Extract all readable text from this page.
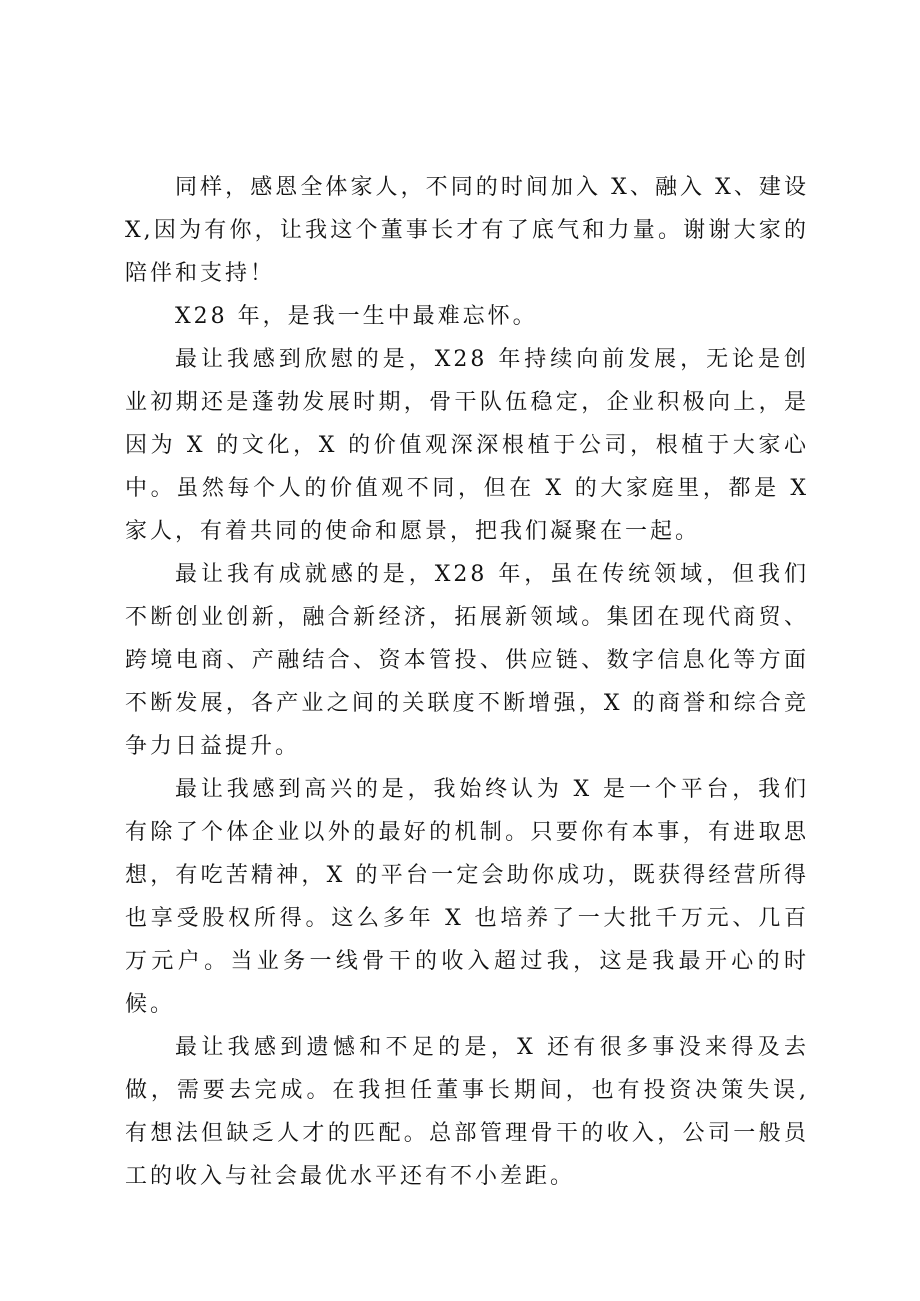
同样，感恩全体家人，不同的时间加入 X、融入 X、建设 X,因为有你，让我这个董事长才有了底气和力量。谢谢大家的陪伴和支持！

X28 年，是我一生中最难忘怀。

最让我感到欣慰的是，X28 年持续向前发展，无论是创业初期还是蓬勃发展时期，骨干队伍稳定，企业积极向上，是因为 X 的文化，X 的价值观深深根植于公司，根植于大家心中。虽然每个人的价值观不同，但在 X 的大家庭里，都是 X 家人，有着共同的使命和愿景，把我们凝聚在一起。

最让我有成就感的是，X28 年，虽在传统领域，但我们不断创业创新，融合新经济，拓展新领域。集团在现代商贸、跨境电商、产融结合、资本管投、供应链、数字信息化等方面不断发展，各产业之间的关联度不断增强，X 的商誉和综合竞争力日益提升。

最让我感到高兴的是，我始终认为 X 是一个平台，我们有除了个体企业以外的最好的机制。只要你有本事，有进取思想，有吃苦精神，X 的平台一定会助你成功，既获得经营所得也享受股权所得。这么多年 X 也培养了一大批千万元、几百万元户。当业务一线骨干的收入超过我，这是我最开心的时候。

最让我感到遗憾和不足的是，X 还有很多事没来得及去做，需要去完成。在我担任董事长期间，也有投资决策失误,有想法但缺乏人才的匹配。总部管理骨干的收入，公司一般员工的收入与社会最优水平还有不小差距。
